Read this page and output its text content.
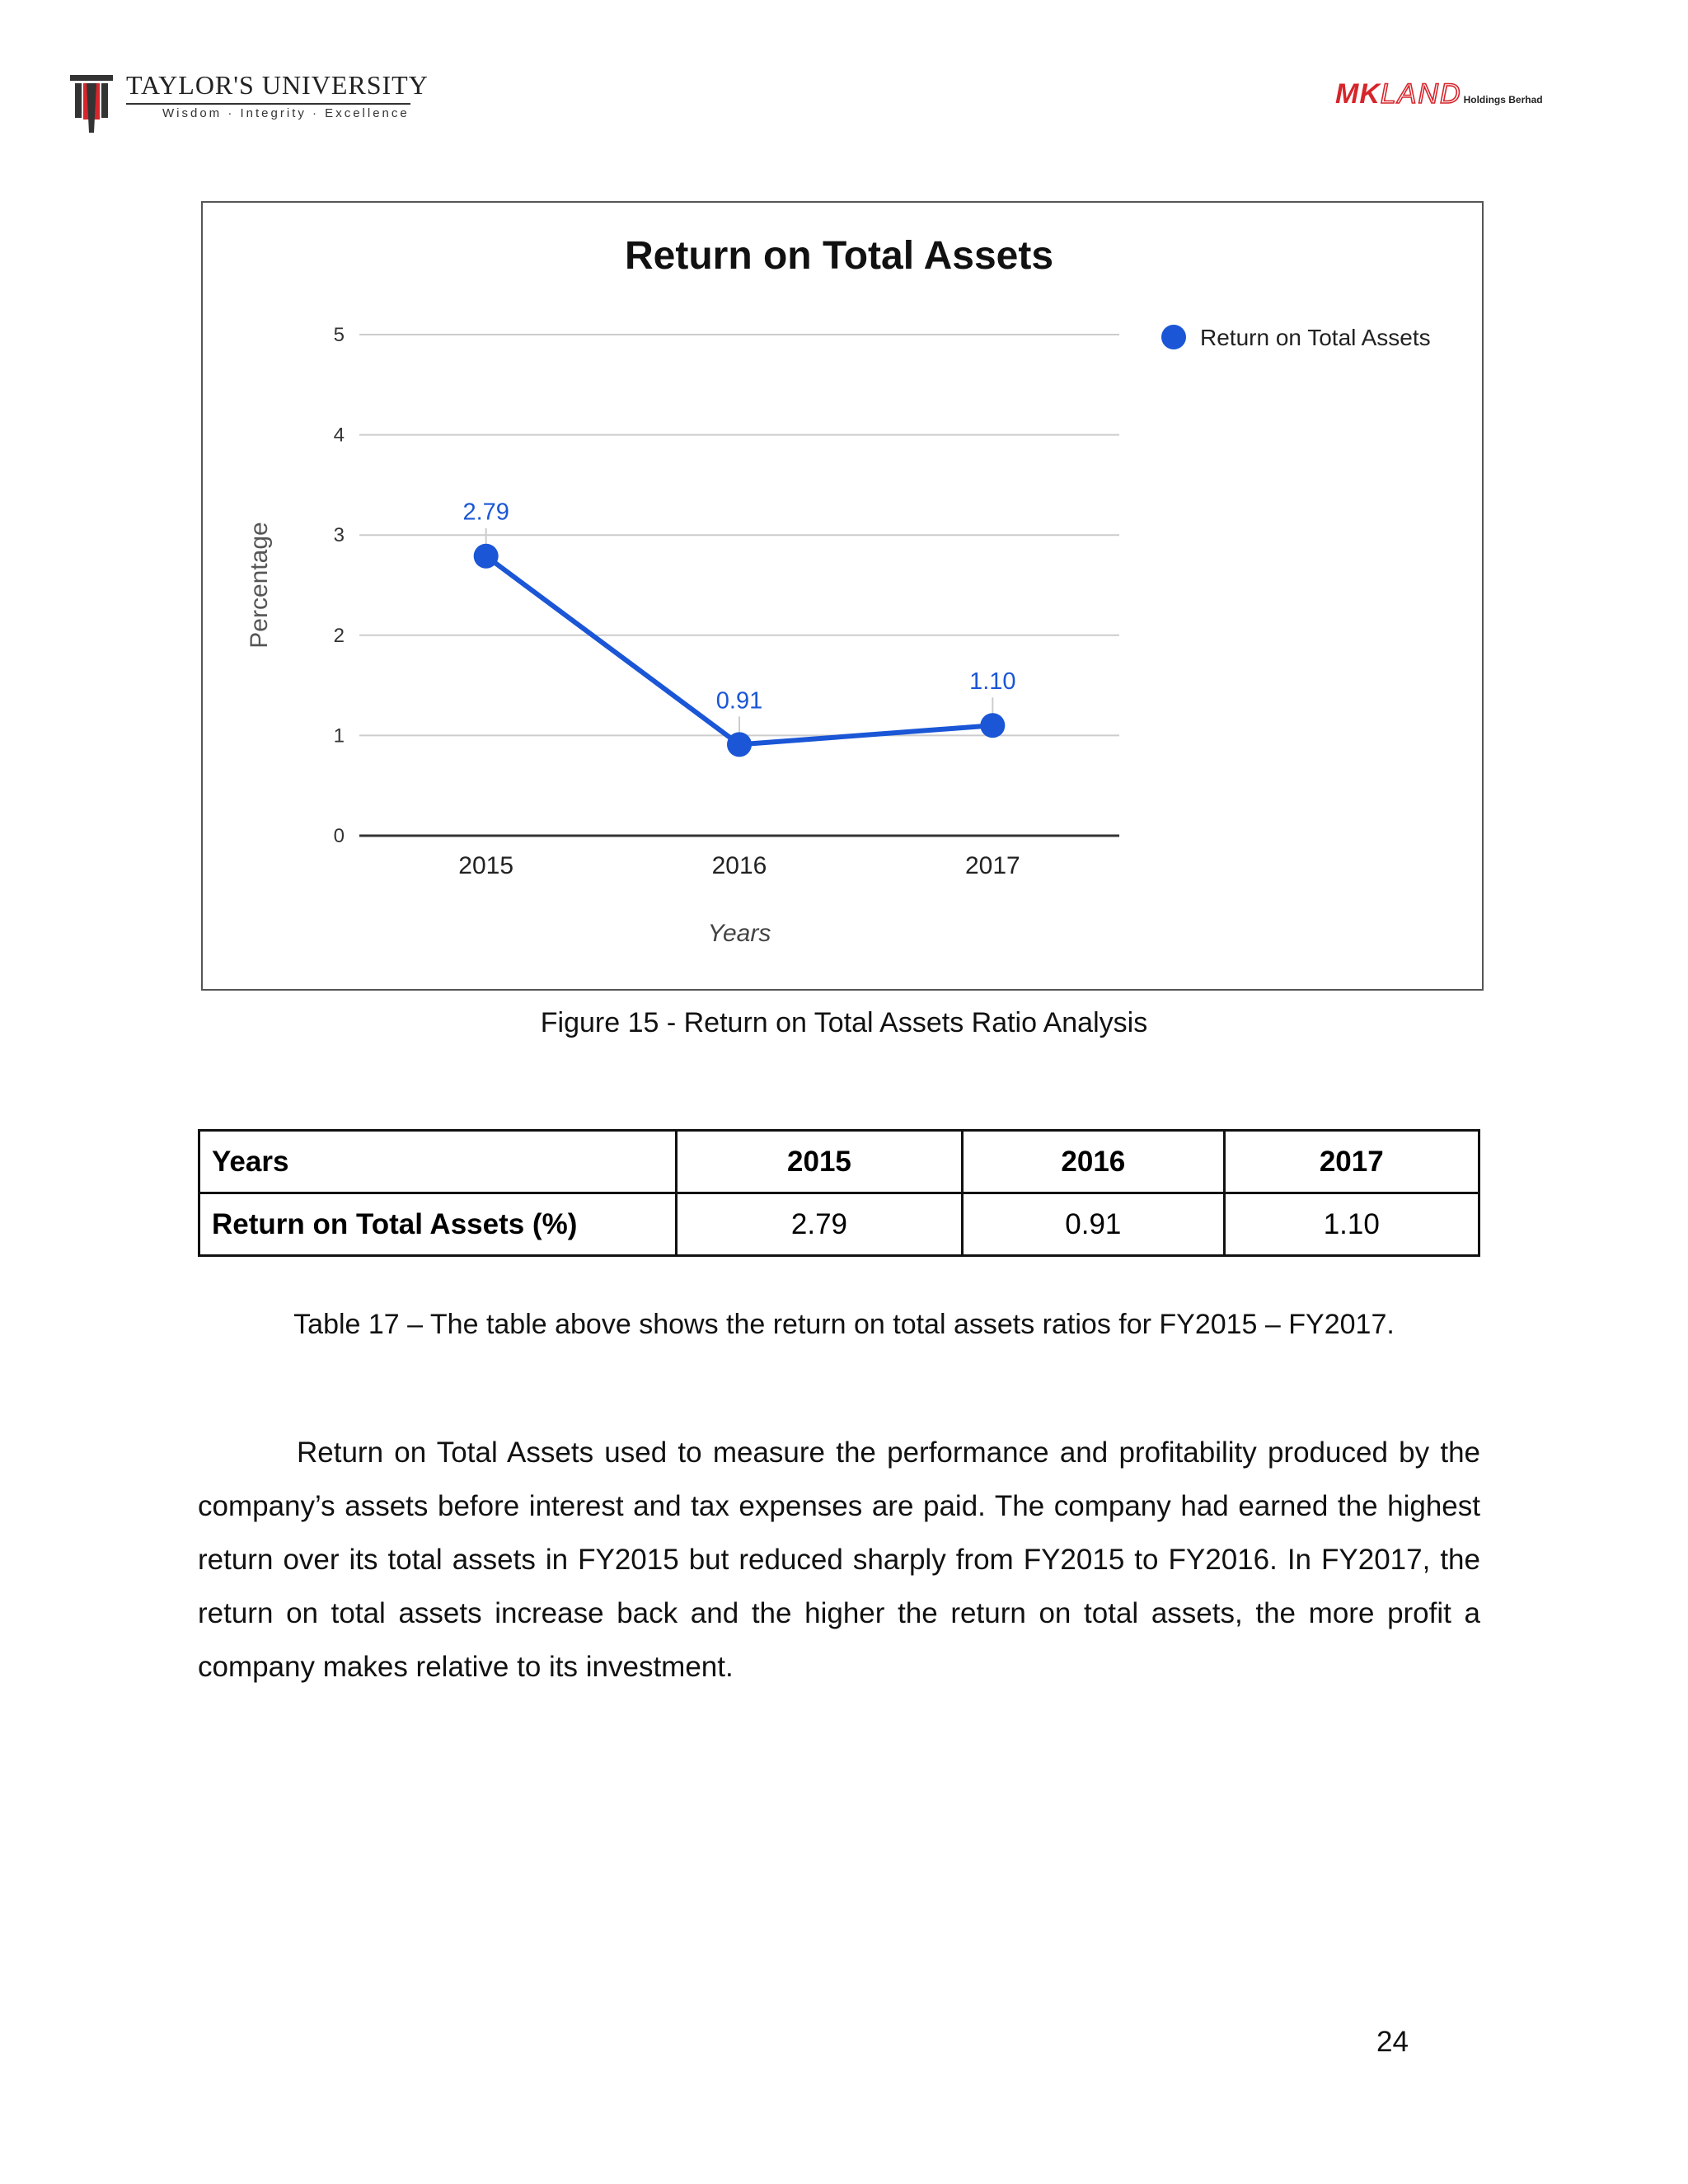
TAYLOR'S UNIVERSITY
Wisdom · Integrity · Excellence
MKLAND Holdings Berhad
Return on Total Assets
0
1
2
3
4
5
Percentage
2015	2016	2017
Years
2.79
0.91
1.10
Return on Total Assets
Figure 15 - Return on Total Assets Ratio Analysis
Years	2015	2016	2017
Return on Total Assets (%)	2.79	0.91	1.10
Table 17 – The table above shows the return on total assets ratios for FY2015 – FY2017.

Return on Total Assets used to measure the performance and profitability produced by the company’s assets before interest and tax expenses are paid. The company had earned the highest return over its total assets in FY2015 but reduced sharply from FY2015 to FY2016. In FY2017, the return on total assets increase back and the higher the return on total assets, the more profit a company makes relative to its investment.

24
